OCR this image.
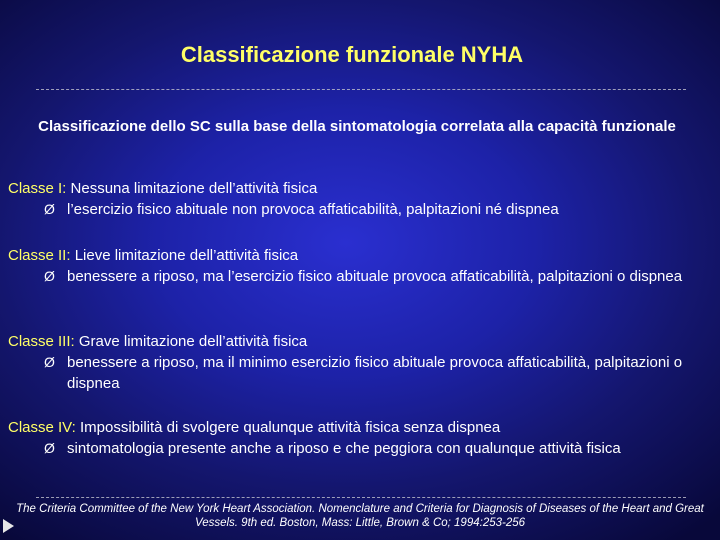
Classificazione funzionale NYHA
Classificazione dello SC sulla base della sintomatologia correlata alla capacità funzionale
Classe I: Nessuna limitazione dell’attività fisica
Ø l’esercizio fisico abituale non provoca affaticabilità, palpitazioni né dispnea
Classe II: Lieve limitazione dell’attività fisica
Ø benessere a riposo, ma l’esercizio fisico abituale provoca affaticabilità, palpitazioni o dispnea
Classe III: Grave limitazione dell’attività fisica
Ø benessere a riposo, ma il minimo esercizio fisico abituale provoca affaticabilità, palpitazioni o dispnea
Classe IV: Impossibilità di svolgere qualunque attività fisica senza dispnea
Ø sintomatologia presente anche a riposo e che peggiora con qualunque attività fisica
The Criteria Committee of the New York Heart Association. Nomenclature and Criteria for Diagnosis of Diseases of the Heart and Great Vessels. 9th ed. Boston, Mass: Little, Brown & Co; 1994:253-256
